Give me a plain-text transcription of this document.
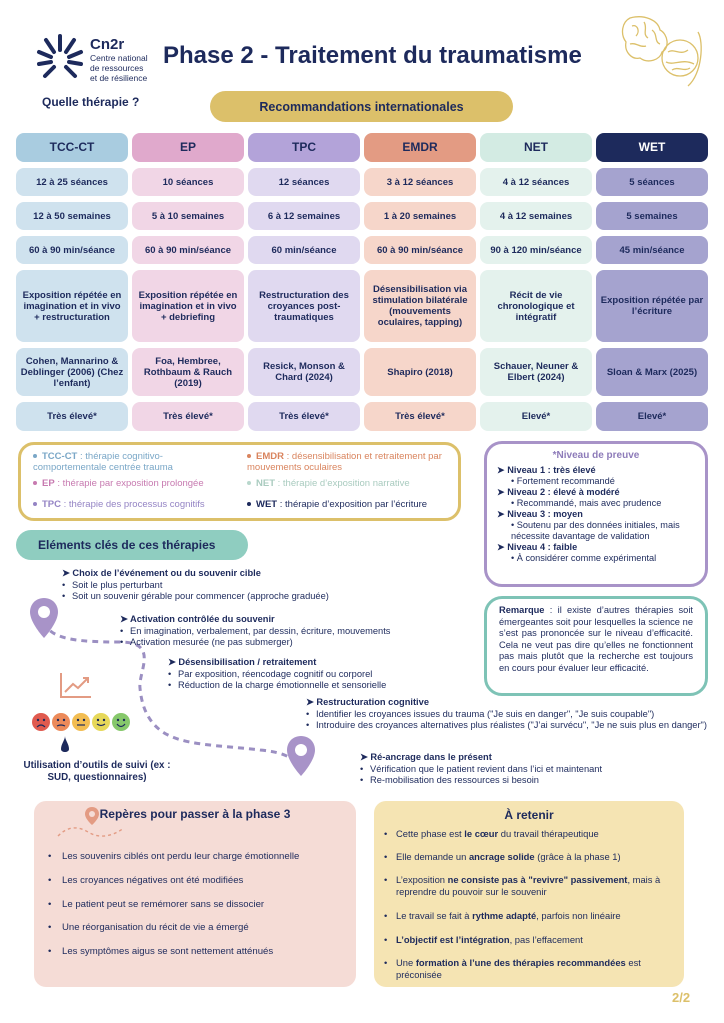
Cn2r
Centre national
de ressources
et de résilience
Phase 2 - Traitement du traumatisme
Quelle thérapie ?	Recommandations internationales
TCC-CT
12 à 25 séances
12 à 50 semaines
60 à 90 min/séance
Exposition répétée en imagination et in vivo + restructuration
Cohen, Mannarino & Deblinger (2006) (Chez l’enfant)
Très élevé*
EP
10 séances
5 à 10 semaines
60 à 90 min/séance
Exposition répétée en imagination et in vivo + debriefing
Foa, Hembree, Rothbaum & Rauch (2019)
Très élevé*
TPC
12 séances
6 à 12 semaines
60 min/séance
Restructuration des croyances post-traumatiques
Resick, Monson & Chard (2024)
Très élevé*
EMDR
3 à 12 séances
1 à 20 semaines
60 à 90 min/séance
Désensibilisation via stimulation bilatérale (mouvements oculaires, tapping)
Shapiro (2018)
Très élevé*
NET
4 à 12 séances
4 à 12 semaines
90 à 120 min/séance
Récit de vie chronologique et intégratif
Schauer, Neuner & Elbert (2024)
Elevé*
WET
5 séances
5 semaines
45 min/séance
Exposition répétée par l’écriture
Sloan & Marx (2025)
Elevé*
TCC-CT : thérapie cognitivo-comportementale centrée trauma
EP : thérapie par exposition prolongée
TPC : thérapie des processus cognitifs
EMDR : désensibilisation et retraitement par mouvements oculaires
NET : thérapie d’exposition narrative
WET : thérapie d’exposition par l’écriture
*Niveau de preuve
➤ Niveau 1 : très élevé
• Fortement recommandé
➤ Niveau 2 : élevé à modéré
• Recommandé, mais avec prudence
➤ Niveau 3 : moyen
• Soutenu par des données initiales, mais nécessite davantage de validation
➤ Niveau 4 : faible
• À considérer comme expérimental
Eléments clés de ces thérapies
Remarque : il existe d’autres thérapies soit émergeantes soit pour lesquelles la science ne s’est pas prononcée sur le niveau d’efficacité. Cela ne veut pas dire qu’elles ne fonctionnent pas mais plutôt que la recherche est toujours en cours pour évaluer leur efficacité.
Utilisation d’outils de suivi (ex : SUD, questionnaires)
➤ Choix de l’événement ou du souvenir cible
• Soit le plus perturbant
• Soit un souvenir gérable pour commencer (approche graduée)
➤ Activation contrôlée du souvenir
• En imagination, verbalement, par dessin, écriture, mouvements
• Activation mesurée (ne pas submerger)
➤ Désensibilisation / retraitement
• Par exposition, réencodage cognitif ou corporel
• Réduction de la charge émotionnelle et sensorielle
➤ Restructuration cognitive
• Identifier les croyances issues du trauma ("Je suis en danger", "Je suis coupable")
• Introduire des croyances alternatives plus réalistes ("J’ai survécu", "Je ne suis plus en danger")
➤ Ré-ancrage dans le présent
• Vérification que le patient revient dans l’ici et maintenant
• Re-mobilisation des ressources si besoin
Repères pour passer à la phase 3
• Les souvenirs ciblés ont perdu leur charge émotionnelle
• Les croyances négatives ont été modifiées
• Le patient peut se remémorer sans se dissocier
• Une réorganisation du récit de vie a émergé
• Les symptômes aigus se sont nettement atténués
À retenir
• Cette phase est le cœur du travail thérapeutique
• Elle demande un ancrage solide (grâce à la phase 1)
• L’exposition ne consiste pas à "revivre" passivement, mais à reprendre du pouvoir sur le souvenir
• Le travail se fait à rythme adapté, parfois non linéaire
• L’objectif est l’intégration, pas l’effacement
• Une formation à l’une des thérapies recommandées est préconisée
2/2
